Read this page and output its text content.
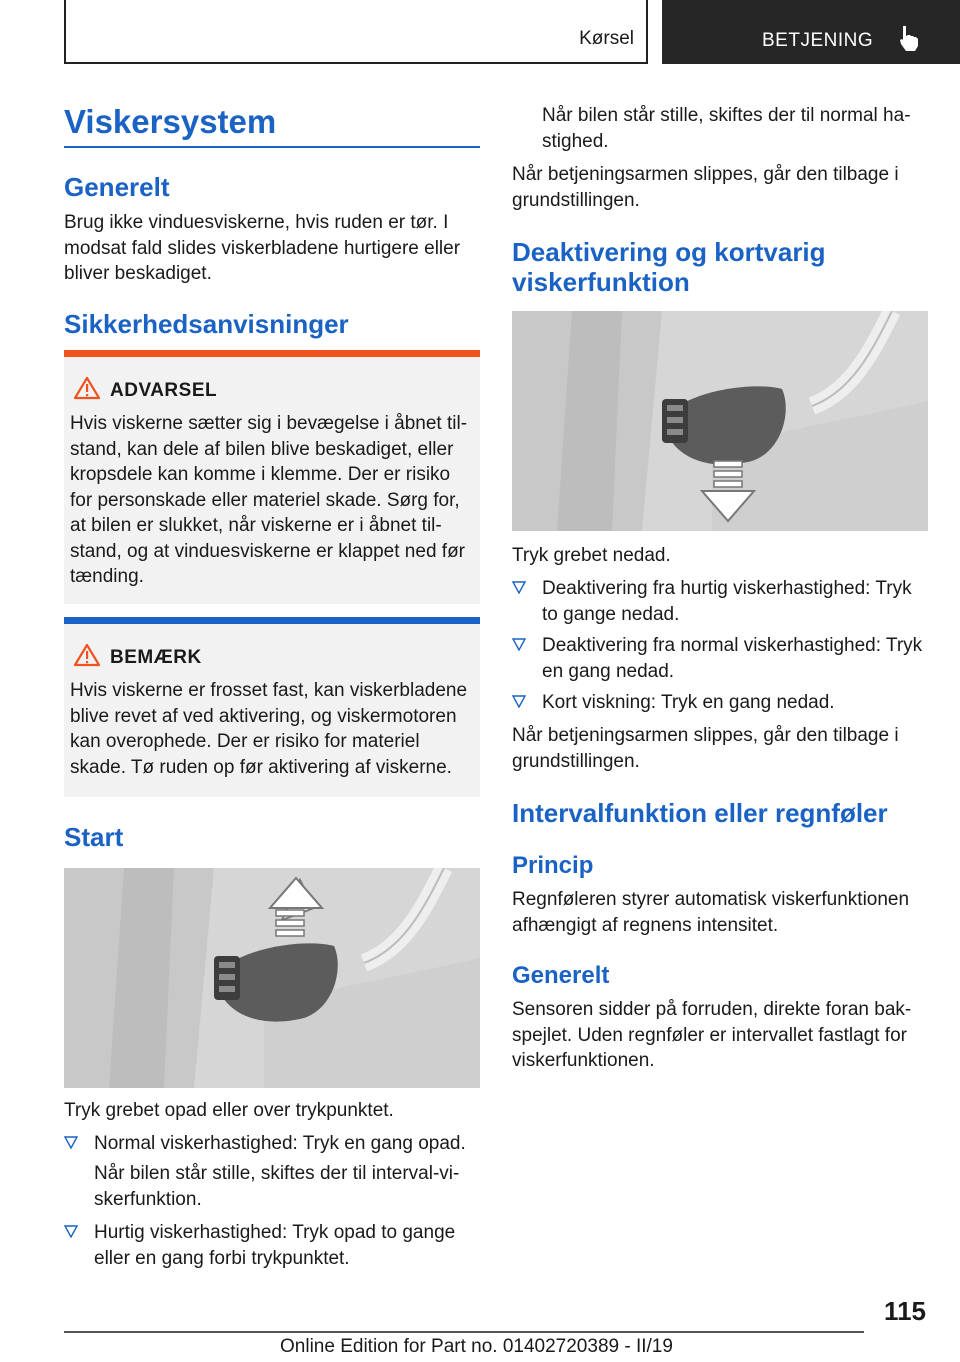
Kørsel	BETJENING
Viskersystem
Generelt

Brug ikke vinduesviskerne, hvis ruden er tør. I modsat fald slides viskerbladene hurtigere eller bliver beskadiget.

Sikkerhedsanvisninger
ADVARSEL
Hvis viskerne sætter sig i bevægelse i åbnet tilstand, kan dele af bilen blive beskadiget, eller kropsdele kan komme i klemme. Der er risiko for personskade eller materiel skade. Sørg for, at bilen er slukket, når viskerne er i åbnet tilstand, og at vinduesviskerne er klappet ned før tænding.
BEMÆRK
Hvis viskerne er frosset fast, kan viskerbladene blive revet af ved aktivering, og viskermotoren kan overophede. Der er risiko for materiel skade. Tø ruden op før aktivering af viskerne.
Start

Tryk grebet opad eller over trykpunktet.

Normal viskerhastighed: Tryk en gang opad.

Når bilen står stille, skiftes der til interval-viskerfunktion.

Hurtig viskerhastighed: Tryk opad to gange eller en gang forbi trykpunktet.

Når bilen står stille, skiftes der til normal hastighed.

Når betjeningsarmen slippes, går den tilbage i grundstillingen.

Deaktivering og kortvarig viskerfunktion

Tryk grebet nedad.

Deaktivering fra hurtig viskerhastighed: Tryk to gange nedad.
Deaktivering fra normal viskerhastighed: Tryk en gang nedad.
Kort viskning: Tryk en gang nedad.

Når betjeningsarmen slippes, går den tilbage i grundstillingen.

Intervalfunktion eller regnføler
Princip

Regnføleren styrer automatisk viskerfunktionen afhængigt af regnens intensitet.

Generelt

Sensoren sidder på forruden, direkte foran bakspejlet. Uden regnføler er intervallet fastlagt for viskerfunktionen.

115
Online Edition for Part no. 01402720389 - II/19
